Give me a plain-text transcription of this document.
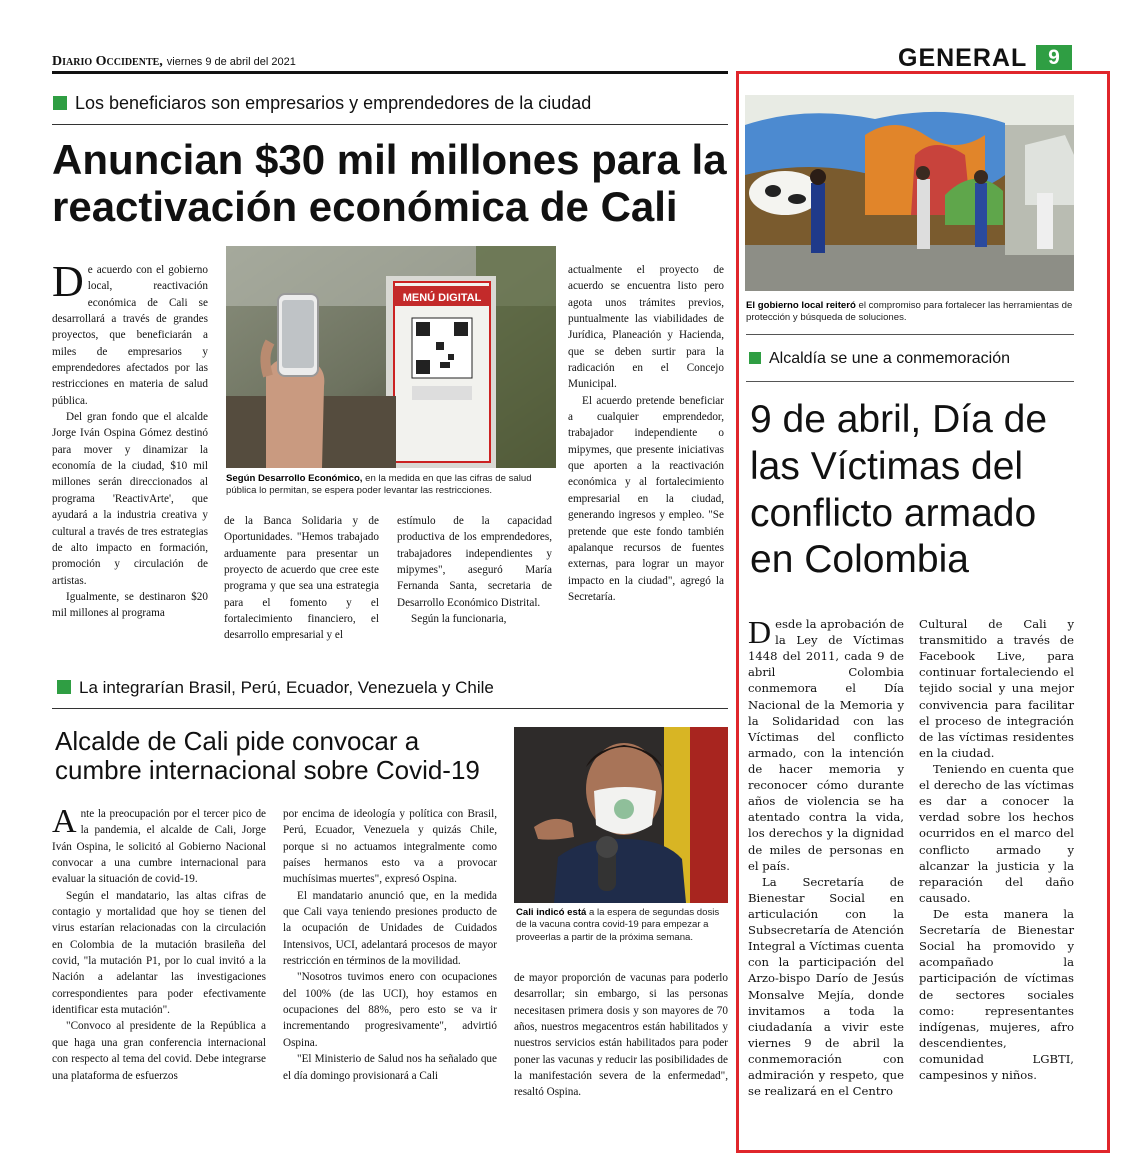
Diario Occidente, viernes 9 de abril del 2021	GENERAL 9
Los beneficiaros son empresarios y emprendedores de la ciudad
Anuncian $30 mil millones para la reactivación económica de Cali

De acuerdo con el gobierno local, reactivación económica de Cali se desarrollará a través de grandes proyectos, que beneficiarán a miles de empresarios y emprendedores afectados por las restricciones en materia de salud pública.

Del gran fondo que el alcalde Jorge Iván Ospina Gómez destinó para mover y dinamizar la economía de la ciudad, $10 mil millones serán direccionados al programa 'ReactivArte', que ayudará a la industria creativa y cultural a través de tres estrategias de alto impacto en formación, promoción y circulación de artistas.

Igualmente, se destinaron $20 mil millones al programa

MENÚ DIGITAL
Según Desarrollo Económico, en la medida en que las cifras de salud pública lo permitan, se espera poder levantar las restricciones.

de la Banca Solidaria y de Oportunidades. "Hemos trabajado arduamente para presentar un proyecto de acuerdo que cree este programa y que sea una estrategia para el fomento y el fortalecimiento financiero, el desarrollo empresarial y el

estímulo de la capacidad productiva de los emprendedores, trabajadores independientes y mipymes", aseguró María Fernanda Santa, secretaria de Desarrollo Económico Distrital.

Según la funcionaria,

actualmente el proyecto de acuerdo se encuentra listo pero agota unos trámites previos, puntualmente las viabilidades de Jurídica, Planeación y Hacienda, que se deben surtir para la radicación en el Concejo Municipal.

El acuerdo pretende beneficiar a cualquier emprendedor, trabajador independiente o mipymes, que presente iniciativas que aporten a la reactivación económica y al fortalecimiento empresarial en la ciudad, generando ingresos y empleo. "Se pretende que este fondo también apalanque recursos de fuentes externas, para lograr un mayor impacto en la ciudad", agregó la Secretaría.

La integrarían Brasil, Perú, Ecuador, Venezuela y Chile
Alcalde de Cali pide convocar a cumbre internacional sobre Covid-19

Ante la preocupación por el tercer pico de la pandemia, el alcalde de Cali, Jorge Iván Ospina, le solicitó al Gobierno Nacional convocar a una cumbre internacional para evaluar la situación de covid-19.

Según el mandatario, las altas cifras de contagio y mortalidad que hoy se tienen del virus estarían relacionadas con la circulación en Colombia de la mutación brasileña del covid, "la mutación P1, por lo cual invitó a la Nación a adelantar las investigaciones correspondientes para poder efectivamente identificar esta mutación".

"Convoco al presidente de la República a que haga una gran conferencia internacional con respecto al tema del covid. Debe integrarse una plataforma de esfuerzos

por encima de ideología y política con Brasil, Perú, Ecuador, Venezuela y quizás Chile, porque si no actuamos integralmente como países hermanos esto va a provocar muchísimas muertes", expresó Ospina.

El mandatario anunció que, en la medida que Cali vaya teniendo presiones producto de la ocupación de Unidades de Cuidados Intensivos, UCI, adelantará procesos de mayor restricción en términos de la movilidad.

"Nosotros tuvimos enero con ocupaciones del 100% (de las UCI), hoy estamos en ocupaciones del 88%, pero esto se va ir incrementando progresivamente", advirtió Ospina.

"El Ministerio de Salud nos ha señalado que el día domingo provisionará a Cali

Cali indicó está a la espera de segundas dosis de la vacuna contra covid-19 para empezar a proveerlas a partir de la próxima semana.

de mayor proporción de vacunas para poderlo desarrollar; sin embargo, si las personas necesitasen primera dosis y son mayores de 70 años, nuestros megacentros están habilitados y nuestros servicios están habilitados para poder poner las vacunas y reducir las posibilidades de la manifestación severa de la enfermedad", resaltó Ospina.

El gobierno local reiteró el compromiso para fortalecer las herramientas de protección y búsqueda de soluciones.
Alcaldía se une a conmemoración
9 de abril, Día de las Víctimas del conflicto armado en Colombia

Desde la aprobación de la Ley de Víctimas 1448 del 2011, cada 9 de abril Colombia conmemora el Día Nacional de la Memoria y la Solidaridad con las Víctimas del conflicto armado, con la intención de hacer memoria y reconocer cómo durante años de violencia se ha atentado contra la vida, los derechos y la dignidad de miles de personas en el país.

La Secretaría de Bienestar Social en articulación con la Subsecretaría de Atención Integral a Víctimas cuenta con la participación del Arzo-bispo Darío de Jesús Monsalve Mejía, donde invitamos a toda la ciudadanía a vivir este viernes 9 de abril la conmemoración con admiración y respeto, que se realizará en el Centro

Cultural de Cali y transmitido a través de Facebook Live, para continuar fortaleciendo el tejido social y una mejor convivencia para facilitar el proceso de integración de las víctimas residentes en la ciudad.

Teniendo en cuenta que el derecho de las víctimas es dar a conocer la verdad sobre los hechos ocurridos en el marco del conflicto armado y alcanzar la justicia y la reparación del daño causado.

De esta manera la Secretaría de Bienestar Social ha promovido y acompañado la participación de víctimas de sectores sociales como: representantes indígenas, mujeres, afro descendientes, comunidad LGBTI, campesinos y niños.
